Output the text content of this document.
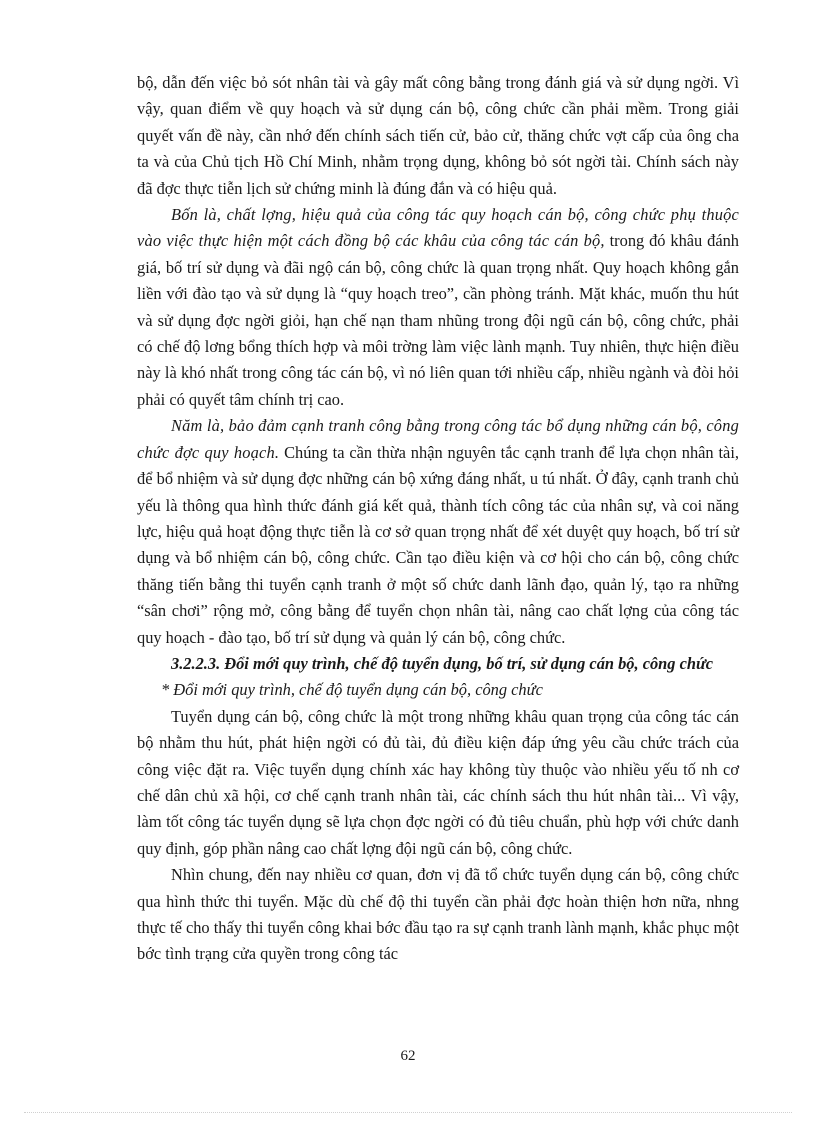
bộ, dẫn đến việc bỏ sót nhân tài và gây mất công bằng trong đánh giá và sử dụng ngời. Vì vậy, quan điểm về quy hoạch và sử dụng cán bộ, công chức cần phải mềm. Trong giải quyết vấn đề này, cần nhớ đến chính sách tiến cử, bảo cử, thăng chức vợt cấp của ông cha ta và của Chủ tịch Hồ Chí Minh, nhằm trọng dụng, không bỏ sót ngời tài. Chính sách này đã đợc thực tiễn lịch sử chứng minh là đúng đắn và có hiệu quả.

Bốn là, chất lợng, hiệu quả của công tác quy hoạch cán bộ, công chức phụ thuộc vào việc thực hiện một cách đồng bộ các khâu của công tác cán bộ, trong đó khâu đánh giá, bố trí sử dụng và đãi ngộ cán bộ, công chức là quan trọng nhất. Quy hoạch không gắn liền với đào tạo và sử dụng là “quy hoạch treo”, cần phòng tránh. Mặt khác, muốn thu hút và sử dụng đợc ngời giỏi, hạn chế nạn tham nhũng trong đội ngũ cán bộ, công chức, phải có chế độ lơng bổng thích hợp và môi trờng làm việc lành mạnh. Tuy nhiên, thực hiện điều này là khó nhất trong công tác cán bộ, vì nó liên quan tới nhiều cấp, nhiều ngành và đòi hỏi phải có quyết tâm chính trị cao.

Năm là, bảo đảm cạnh tranh công bằng trong công tác bổ dụng những cán bộ, công chức đợc quy hoạch. Chúng ta cần thừa nhận nguyên tắc cạnh tranh để lựa chọn nhân tài, để bổ nhiệm và sử dụng đợc những cán bộ xứng đáng nhất, u tú nhất. Ở đây, cạnh tranh chủ yếu là thông qua hình thức đánh giá kết quả, thành tích công tác của nhân sự, và coi năng lực, hiệu quả hoạt động thực tiễn là cơ sở quan trọng nhất để xét duyệt quy hoạch, bố trí sử dụng và bổ nhiệm cán bộ, công chức. Cần tạo điều kiện và cơ hội cho cán bộ, công chức thăng tiến bằng thi tuyển cạnh tranh ở một số chức danh lãnh đạo, quản lý, tạo ra những “sân chơi” rộng mở, công bằng để tuyển chọn nhân tài, nâng cao chất lợng của công tác quy hoạch - đào tạo, bố trí sử dụng và quản lý cán bộ, công chức.

3.2.2.3. Đổi mới quy trình, chế độ tuyển dụng, bố trí, sử dụng cán bộ, công chức

* Đổi mới quy trình, chế độ tuyển dụng cán bộ, công chức

Tuyển dụng cán bộ, công chức là một trong những khâu quan trọng của công tác cán bộ nhằm thu hút, phát hiện ngời có đủ tài, đủ điều kiện đáp ứng yêu cầu chức trách của công việc đặt ra. Việc tuyển dụng chính xác hay không tùy thuộc vào nhiều yếu tố nh cơ chế dân chủ xã hội, cơ chế cạnh tranh nhân tài, các chính sách thu hút nhân tài... Vì vậy, làm tốt công tác tuyển dụng sẽ lựa chọn đợc ngời có đủ tiêu chuẩn, phù hợp với chức danh quy định, góp phần nâng cao chất lợng đội ngũ cán bộ, công chức.

Nhìn chung, đến nay nhiều cơ quan, đơn vị đã tổ chức tuyển dụng cán bộ, công chức qua hình thức thi tuyển. Mặc dù chế độ thi tuyển cần phải đợc hoàn thiện hơn nữa, nhng thực tế cho thấy thi tuyển công khai bớc đầu tạo ra sự cạnh tranh lành mạnh, khắc phục một bớc tình trạng cửa quyền trong công tác

62
